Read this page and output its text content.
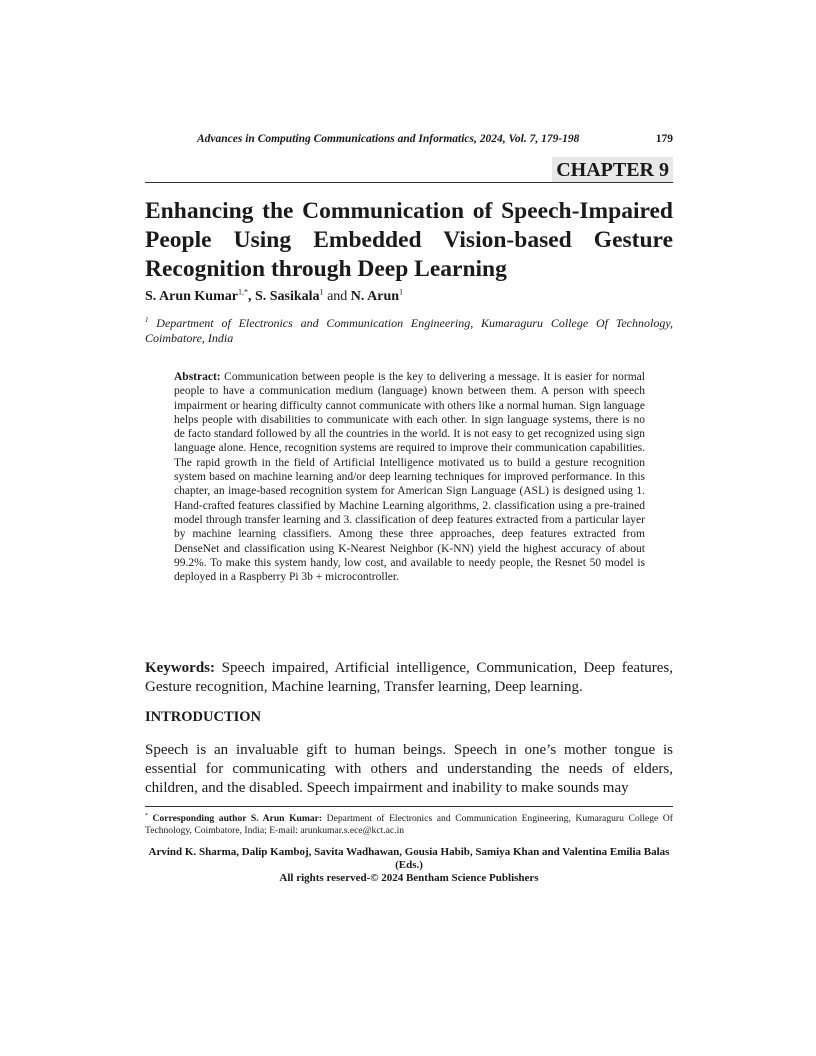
Advances in Computing Communications and Informatics, 2024, Vol. 7, 179-198	179
CHAPTER 9
Enhancing the Communication of Speech-Impaired People Using Embedded Vision-based Gesture Recognition through Deep Learning
S. Arun Kumar$^{1,*}$, S. Sasikala$^1$ and N. Arun$^1$
$^1$ Department of Electronics and Communication Engineering, Kumaraguru College Of Technology, Coimbatore, India
Abstract: Communication between people is the key to delivering a message. It is easier for normal people to have a communication medium (language) known between them. A person with speech impairment or hearing difficulty cannot communicate with others like a normal human. Sign language helps people with disabilities to communicate with each other. In sign language systems, there is no de facto standard followed by all the countries in the world. It is not easy to get recognized using sign language alone. Hence, recognition systems are required to improve their communication capabilities. The rapid growth in the field of Artificial Intelligence motivated us to build a gesture recognition system based on machine learning and/or deep learning techniques for improved performance. In this chapter, an image-based recognition system for American Sign Language (ASL) is designed using 1. Hand-crafted features classified by Machine Learning algorithms, 2. classification using a pre-trained model through transfer learning and 3. classification of deep features extracted from a particular layer by machine learning classifiers. Among these three approaches, deep features extracted from DenseNet and classification using K-Nearest Neighbor (K-NN) yield the highest accuracy of about 99.2%. To make this system handy, low cost, and available to needy people, the Resnet 50 model is deployed in a Raspberry Pi 3b + microcontroller.
Keywords: Speech impaired, Artificial intelligence, Communication, Deep features, Gesture recognition, Machine learning, Transfer learning, Deep learning.
INTRODUCTION

Speech is an invaluable gift to human beings. Speech in one’s mother tongue is essential for communicating with others and understanding the needs of elders, children, and the disabled. Speech impairment and inability to make sounds may

* Corresponding author S. Arun Kumar: Department of Electronics and Communication Engineering, Kumaraguru College Of Technology, Coimbatore, India; E-mail: arunkumar.s.ece@kct.ac.in
Arvind K. Sharma, Dalip Kamboj, Savita Wadhawan, Gousia Habib, Samiya Khan and Valentina Emilia Balas (Eds.)
All rights reserved-© 2024 Bentham Science Publishers
